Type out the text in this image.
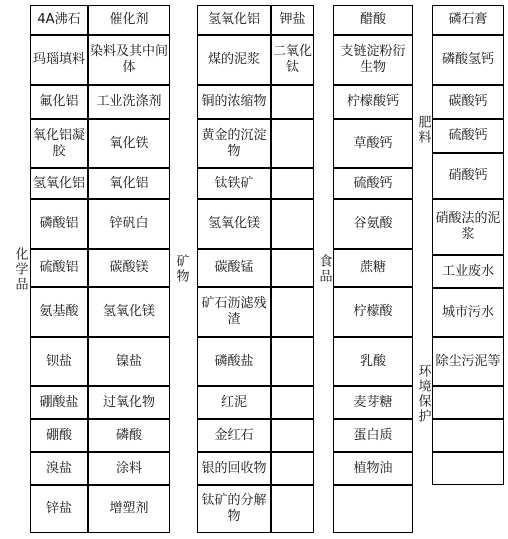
化学品	矿物	食品
肥料
环境保护
4A沸石
玛瑙填料
氟化铝
氧化铝凝胶
氢氧化铝
磷酸铝
硫酸铝
氨基酸
钡盐
硼酸盐
硼酸
溴盐
锌盐
催化剂
染料及其中间体
工业洗涤剂
氧化铁
氧化铝
锌矾白
碳酸镁
氢氧化镁
镍盐
过氧化物
磷酸
涂料
增塑剂
氢氧化铝
煤的泥浆
铜的浓缩物
黄金的沉淀物
钛铁矿
氢氧化镁
碳酸锰
矿石沥滤残渣
磷酸盐
红泥
金红石
银的回收物
钛矿的分解物
钾盐
二氧化钛
醋酸
支链淀粉衍生物
柠檬酸钙
草酸钙
硫酸钙
谷氨酸
蔗糖
柠檬酸
乳酸
麦芽糖
蛋白质
植物油
磷石膏
磷酸氢钙
碳酸钙
硫酸钙
硝酸钙
硝酸法的泥浆
工业废水
城市污水
除尘污泥等
